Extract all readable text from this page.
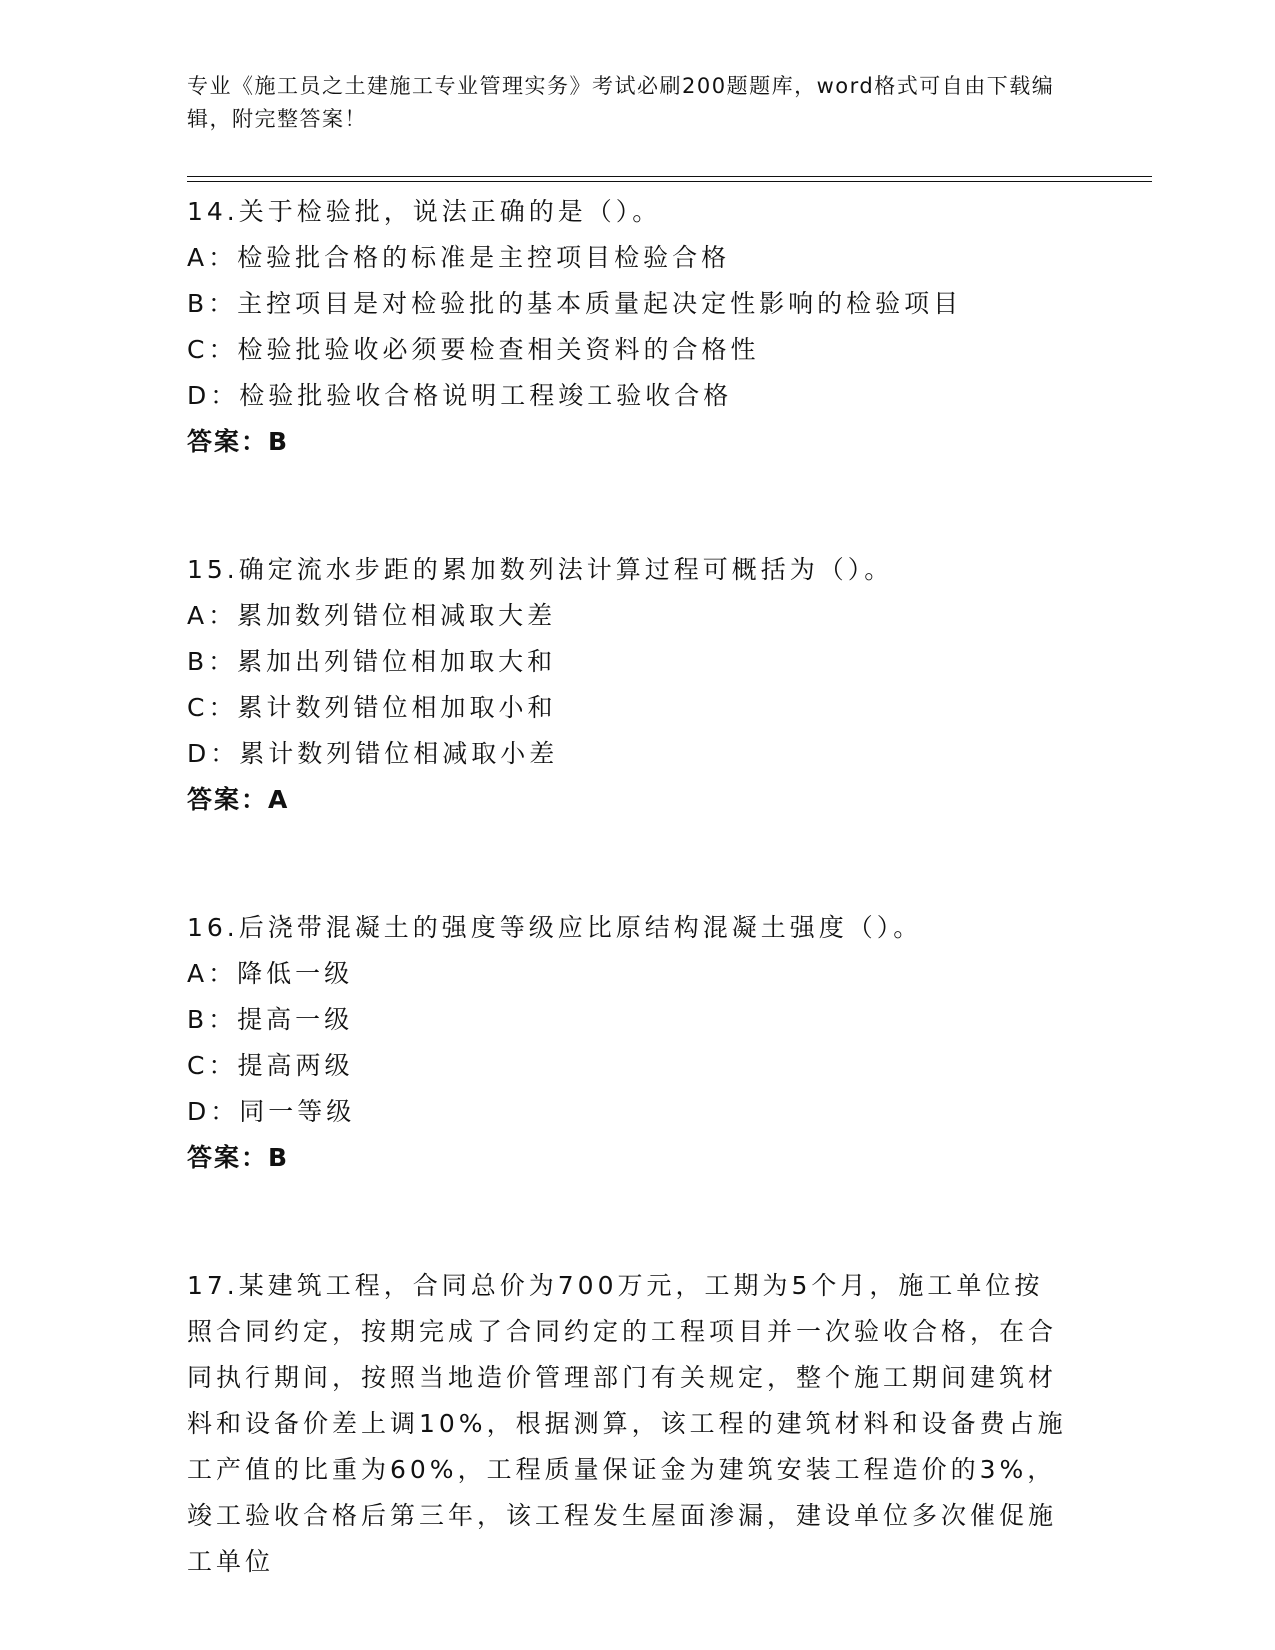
专业《施工员之土建施工专业管理实务》考试必刷200题题库，word格式可自由下载编辑，附完整答案！
14.关于检验批，说法正确的是（）。
A：检验批合格的标准是主控项目检验合格
B：主控项目是对检验批的基本质量起决定性影响的检验项目
C：检验批验收必须要检查相关资料的合格性
D：检验批验收合格说明工程竣工验收合格
答案：B
15.确定流水步距的累加数列法计算过程可概括为（）。
A：累加数列错位相减取大差
B：累加出列错位相加取大和
C：累计数列错位相加取小和
D：累计数列错位相减取小差
答案：A
16.后浇带混凝土的强度等级应比原结构混凝土强度（）。
A：降低一级
B：提高一级
C：提高两级
D：同一等级
答案：B
17.某建筑工程，合同总价为700万元，工期为5个月，施工单位按照合同约定，按期完成了合同约定的工程项目并一次验收合格，在合同执行期间，按照当地造价管理部门有关规定，整个施工期间建筑材料和设备价差上调10%，根据测算，该工程的建筑材料和设备费占施工产值的比重为60%，工程质量保证金为建筑安装工程造价的3%，竣工验收合格后第三年，该工程发生屋面渗漏，建设单位多次催促施工单位
